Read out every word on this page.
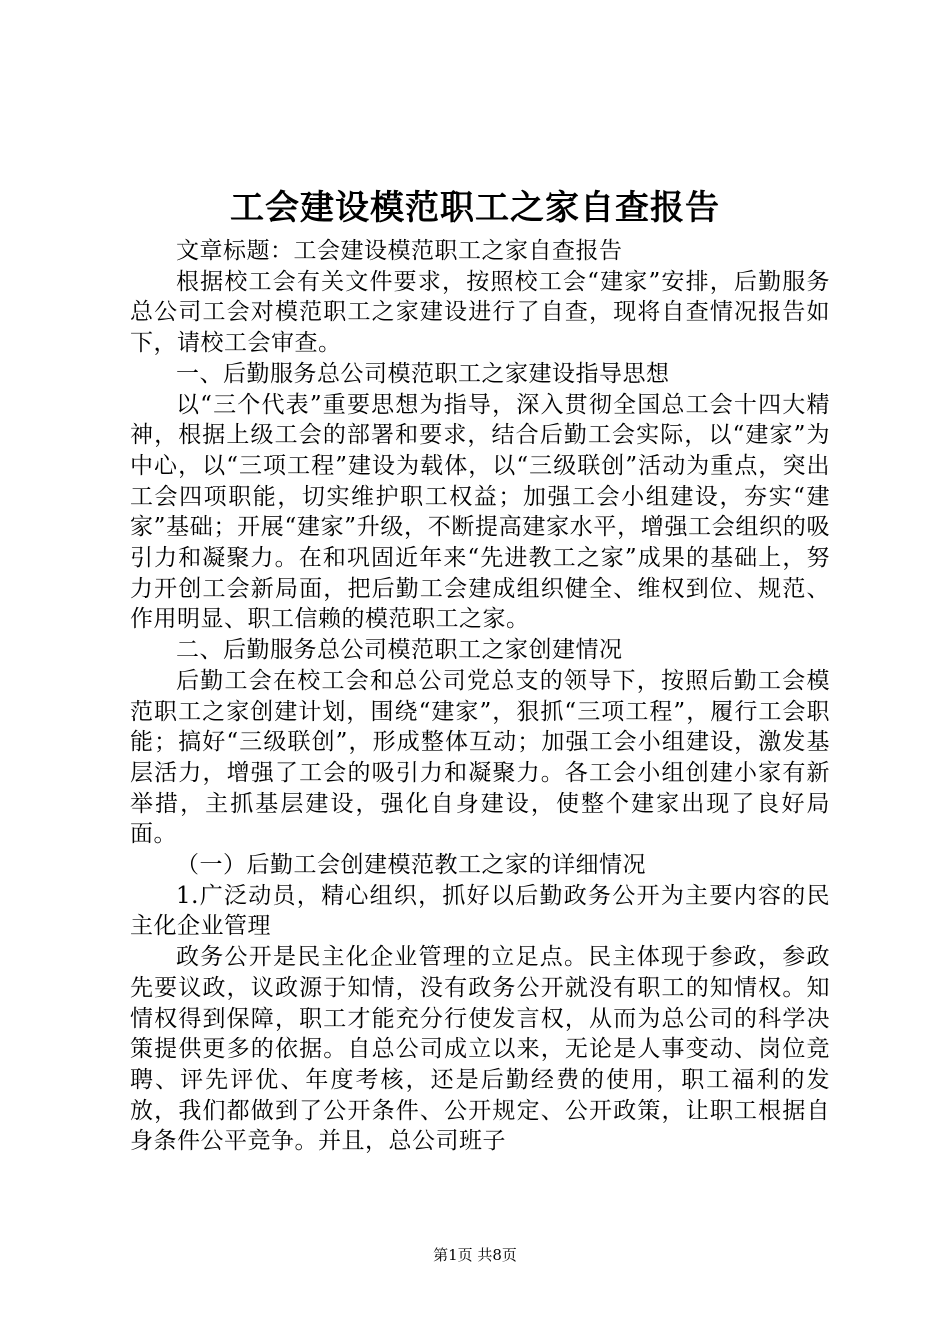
工会建设模范职工之家自查报告

文章标题：工会建设模范职工之家自查报告

根据校工会有关文件要求，按照校工会“建家”安排，后勤服务总公司工会对模范职工之家建设进行了自查，现将自查情况报告如下，请校工会审查。

一、后勤服务总公司模范职工之家建设指导思想

以“三个代表”重要思想为指导，深入贯彻全国总工会十四大精神，根据上级工会的部署和要求，结合后勤工会实际，以“建家”为中心，以“三项工程”建设为载体，以“三级联创”活动为重点，突出工会四项职能，切实维护职工权益；加强工会小组建设，夯实“建家”基础；开展“建家”升级，不断提高建家水平，增强工会组织的吸引力和凝聚力。在和巩固近年来“先进教工之家”成果的基础上，努力开创工会新局面，把后勤工会建成组织健全、维权到位、规范、作用明显、职工信赖的模范职工之家。

二、后勤服务总公司模范职工之家创建情况

后勤工会在校工会和总公司党总支的领导下，按照后勤工会模范职工之家创建计划，围绕“建家”，狠抓“三项工程”，履行工会职能；搞好“三级联创”，形成整体互动；加强工会小组建设，激发基层活力，增强了工会的吸引力和凝聚力。各工会小组创建小家有新举措，主抓基层建设，强化自身建设，使整个建家出现了良好局面。

（一）后勤工会创建模范教工之家的详细情况

1.广泛动员，精心组织，抓好以后勤政务公开为主要内容的民主化企业管理

政务公开是民主化企业管理的立足点。民主体现于参政，参政先要议政，议政源于知情，没有政务公开就没有职工的知情权。知情权得到保障，职工才能充分行使发言权，从而为总公司的科学决策提供更多的依据。自总公司成立以来，无论是人事变动、岗位竞聘、评先评优、年度考核，还是后勤经费的使用，职工福利的发放，我们都做到了公开条件、公开规定、公开政策，让职工根据自身条件公平竞争。并且，总公司班子

第1页 共8页
